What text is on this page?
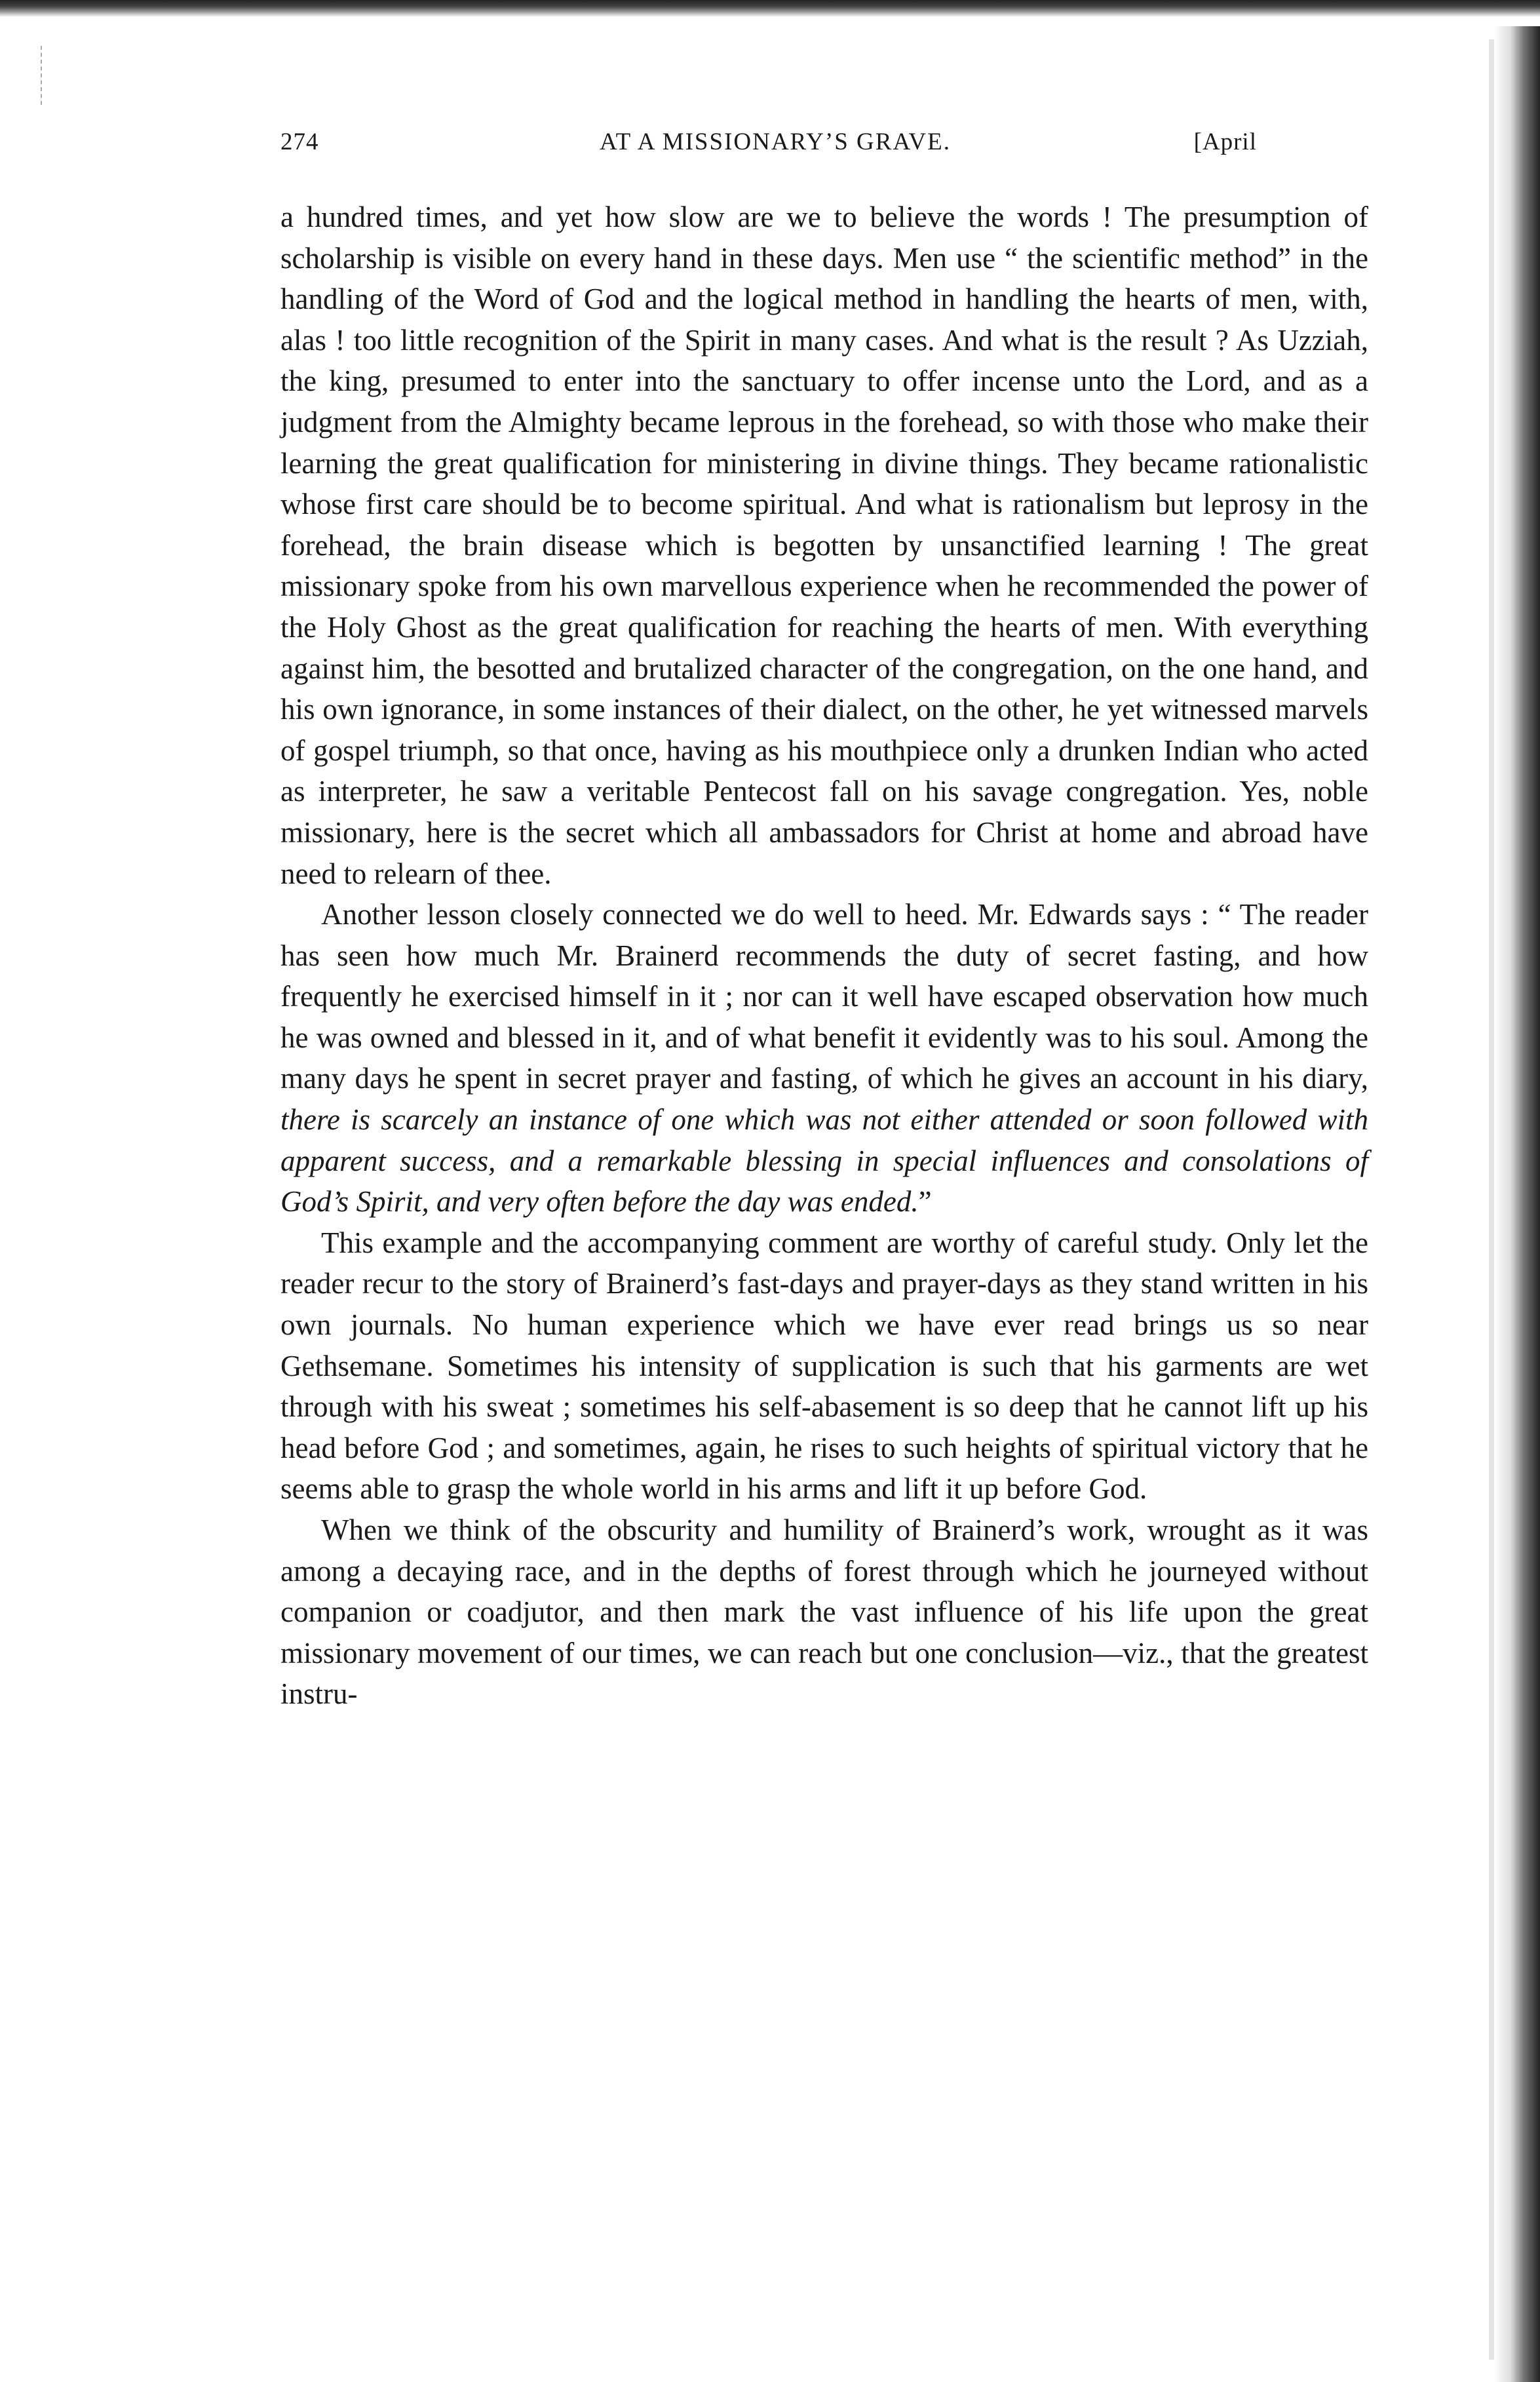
274	AT A MISSIONARY’S GRAVE.	[April

a hundred times, and yet how slow are we to believe the words ! The presumption of scholarship is visible on every hand in these days. Men use “ the scientific method” in the handling of the Word of God and the logical method in handling the hearts of men, with, alas ! too little recognition of the Spirit in many cases. And what is the result ? As Uzziah, the king, presumed to enter into the sanctuary to offer incense unto the Lord, and as a judgment from the Almighty became leprous in the forehead, so with those who make their learning the great qualification for ministering in divine things. They became rationalistic whose first care should be to become spiritual. And what is rationalism but leprosy in the forehead, the brain disease which is begotten by unsanctified learning ! The great missionary spoke from his own marvellous experience when he recommended the power of the Holy Ghost as the great qualification for reaching the hearts of men. With everything against him, the besotted and brutalized character of the congregation, on the one hand, and his own ignorance, in some instances of their dialect, on the other, he yet witnessed marvels of gospel triumph, so that once, having as his mouthpiece only a drunken Indian who acted as interpreter, he saw a veritable Pentecost fall on his savage congregation. Yes, noble missionary, here is the secret which all ambassadors for Christ at home and abroad have need to relearn of thee.

Another lesson closely connected we do well to heed. Mr. Edwards says : “ The reader has seen how much Mr. Brainerd recommends the duty of secret fasting, and how frequently he exercised himself in it ; nor can it well have escaped observation how much he was owned and blessed in it, and of what benefit it evidently was to his soul. Among the many days he spent in secret prayer and fasting, of which he gives an account in his diary, there is scarcely an instance of one which was not either attended or soon followed with apparent success, and a remarkable blessing in special influences and consolations of God’s Spirit, and very often before the day was ended.”

This example and the accompanying comment are worthy of careful study. Only let the reader recur to the story of Brainerd’s fast-days and prayer-days as they stand written in his own journals. No human experience which we have ever read brings us so near Gethsemane. Sometimes his intensity of supplication is such that his garments are wet through with his sweat ; sometimes his self-abasement is so deep that he cannot lift up his head before God ; and sometimes, again, he rises to such heights of spiritual victory that he seems able to grasp the whole world in his arms and lift it up before God.

When we think of the obscurity and humility of Brainerd’s work, wrought as it was among a decaying race, and in the depths of forest through which he journeyed without companion or coadjutor, and then mark the vast influence of his life upon the great missionary movement of our times, we can reach but one conclusion—viz., that the greatest instru-
